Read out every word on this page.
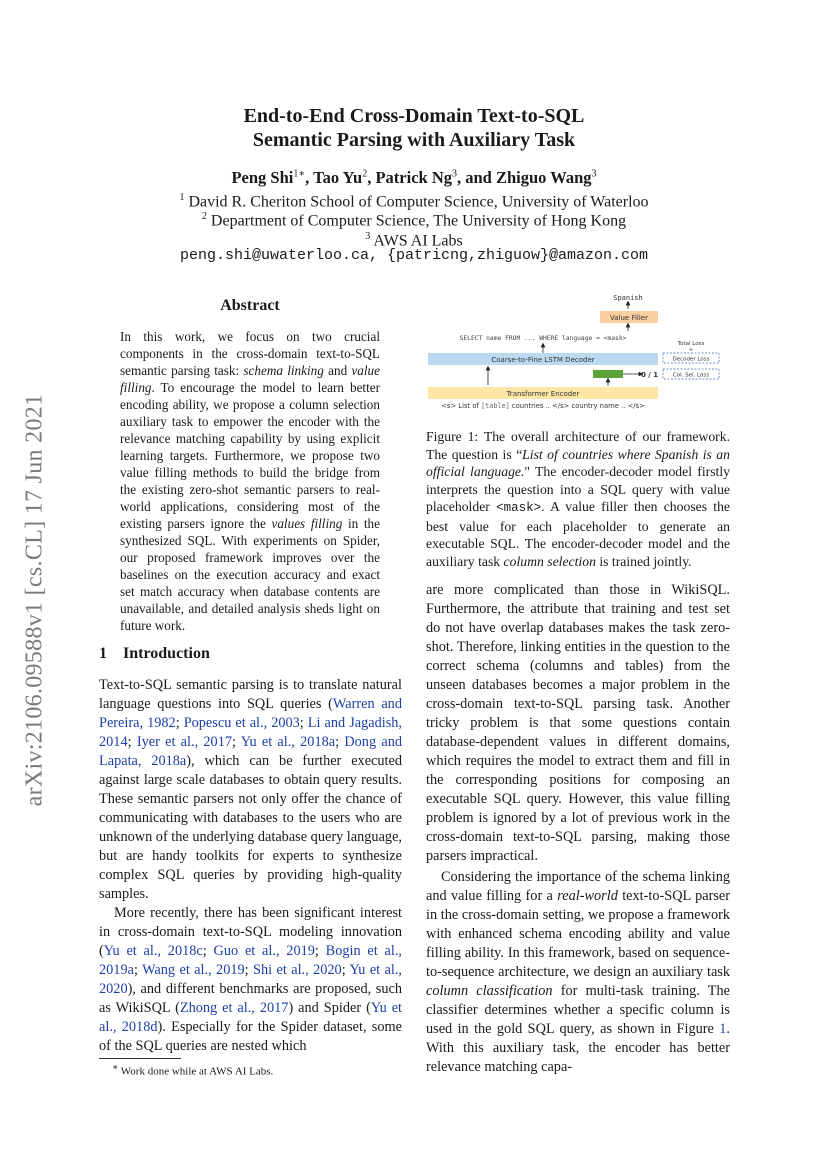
End-to-End Cross-Domain Text-to-SQL
Semantic Parsing with Auxiliary Task
Peng Shi$^{1∗}$, Tao Yu$^2$, Patrick Ng$^3$, and Zhiguo Wang$^3$
$^1$ David R. Cheriton School of Computer Science, University of Waterloo
$^2$ Department of Computer Science, The University of Hong Kong
$^3$ AWS AI Labs
peng.shi@uwaterloo.ca, {patricng,zhiguow}@amazon.com
arXiv:2106.09588v1 [cs.CL] 17 Jun 2021
Abstract
In this work, we focus on two crucial components in the cross-domain text-to-SQL semantic parsing task: schema linking and value filling. To encourage the model to learn better encoding ability, we propose a column selection auxiliary task to empower the encoder with the relevance matching capability by using explicit learning targets. Furthermore, we propose two value filling methods to build the bridge from the existing zero-shot semantic parsers to real-world applications, considering most of the existing parsers ignore the values filling in the synthesized SQL. With experiments on Spider, our proposed framework improves over the baselines on the execution accuracy and exact set match accuracy when database contents are unavailable, and detailed analysis sheds light on future work.
1 Introduction

Text-to-SQL semantic parsing is to translate natural language questions into SQL queries (Warren and Pereira, 1982; Popescu et al., 2003; Li and Jagadish, 2014; Iyer et al., 2017; Yu et al., 2018a; Dong and Lapata, 2018a), which can be further executed against large scale databases to obtain query results. These semantic parsers not only offer the chance of communicating with databases to the users who are unknown of the underlying database query language, but are handy toolkits for experts to synthesize complex SQL queries by providing high-quality samples.

More recently, there has been significant interest in cross-domain text-to-SQL modeling innovation (Yu et al., 2018c; Guo et al., 2019; Bogin et al., 2019a; Wang et al., 2019; Shi et al., 2020; Yu et al., 2020), and different benchmarks are proposed, such as WikiSQL (Zhong et al., 2017) and Spider (Yu et al., 2018d). Especially for the Spider dataset, some of the SQL queries are nested which

∗ Work done while at AWS AI Labs.
Spanish
Value Filler
SELECT name FROM ... WHERE language = <mask>
Total Loss
+
Coarse-to-Fine LSTM Decoder	Decoder Loss
Col. Sel. Loss
0 / 1
Transformer Encoder
<s> List of [table] countries .. </s> country name .. </s>
Figure 1: The overall architecture of our framework. The question is “List of countries where Spanish is an official language." The encoder-decoder model firstly interprets the question into a SQL query with value placeholder <mask>. A value filler then chooses the best value for each placeholder to generate an executable SQL. The encoder-decoder model and the auxiliary task column selection is trained jointly.

are more complicated than those in WikiSQL. Furthermore, the attribute that training and test set do not have overlap databases makes the task zero-shot. Therefore, linking entities in the question to the correct schema (columns and tables) from the unseen databases becomes a major problem in the cross-domain text-to-SQL parsing task. Another tricky problem is that some questions contain database-dependent values in different domains, which requires the model to extract them and fill in the corresponding positions for composing an executable SQL query. However, this value filling problem is ignored by a lot of previous work in the cross-domain text-to-SQL parsing, making those parsers impractical.

Considering the importance of the schema linking and value filling for a real-world text-to-SQL parser in the cross-domain setting, we propose a framework with enhanced schema encoding ability and value filling ability. In this framework, based on sequence-to-sequence architecture, we design an auxiliary task column classification for multi-task training. The classifier determines whether a specific column is used in the gold SQL query, as shown in Figure 1. With this auxiliary task, the encoder has better relevance matching capa-
